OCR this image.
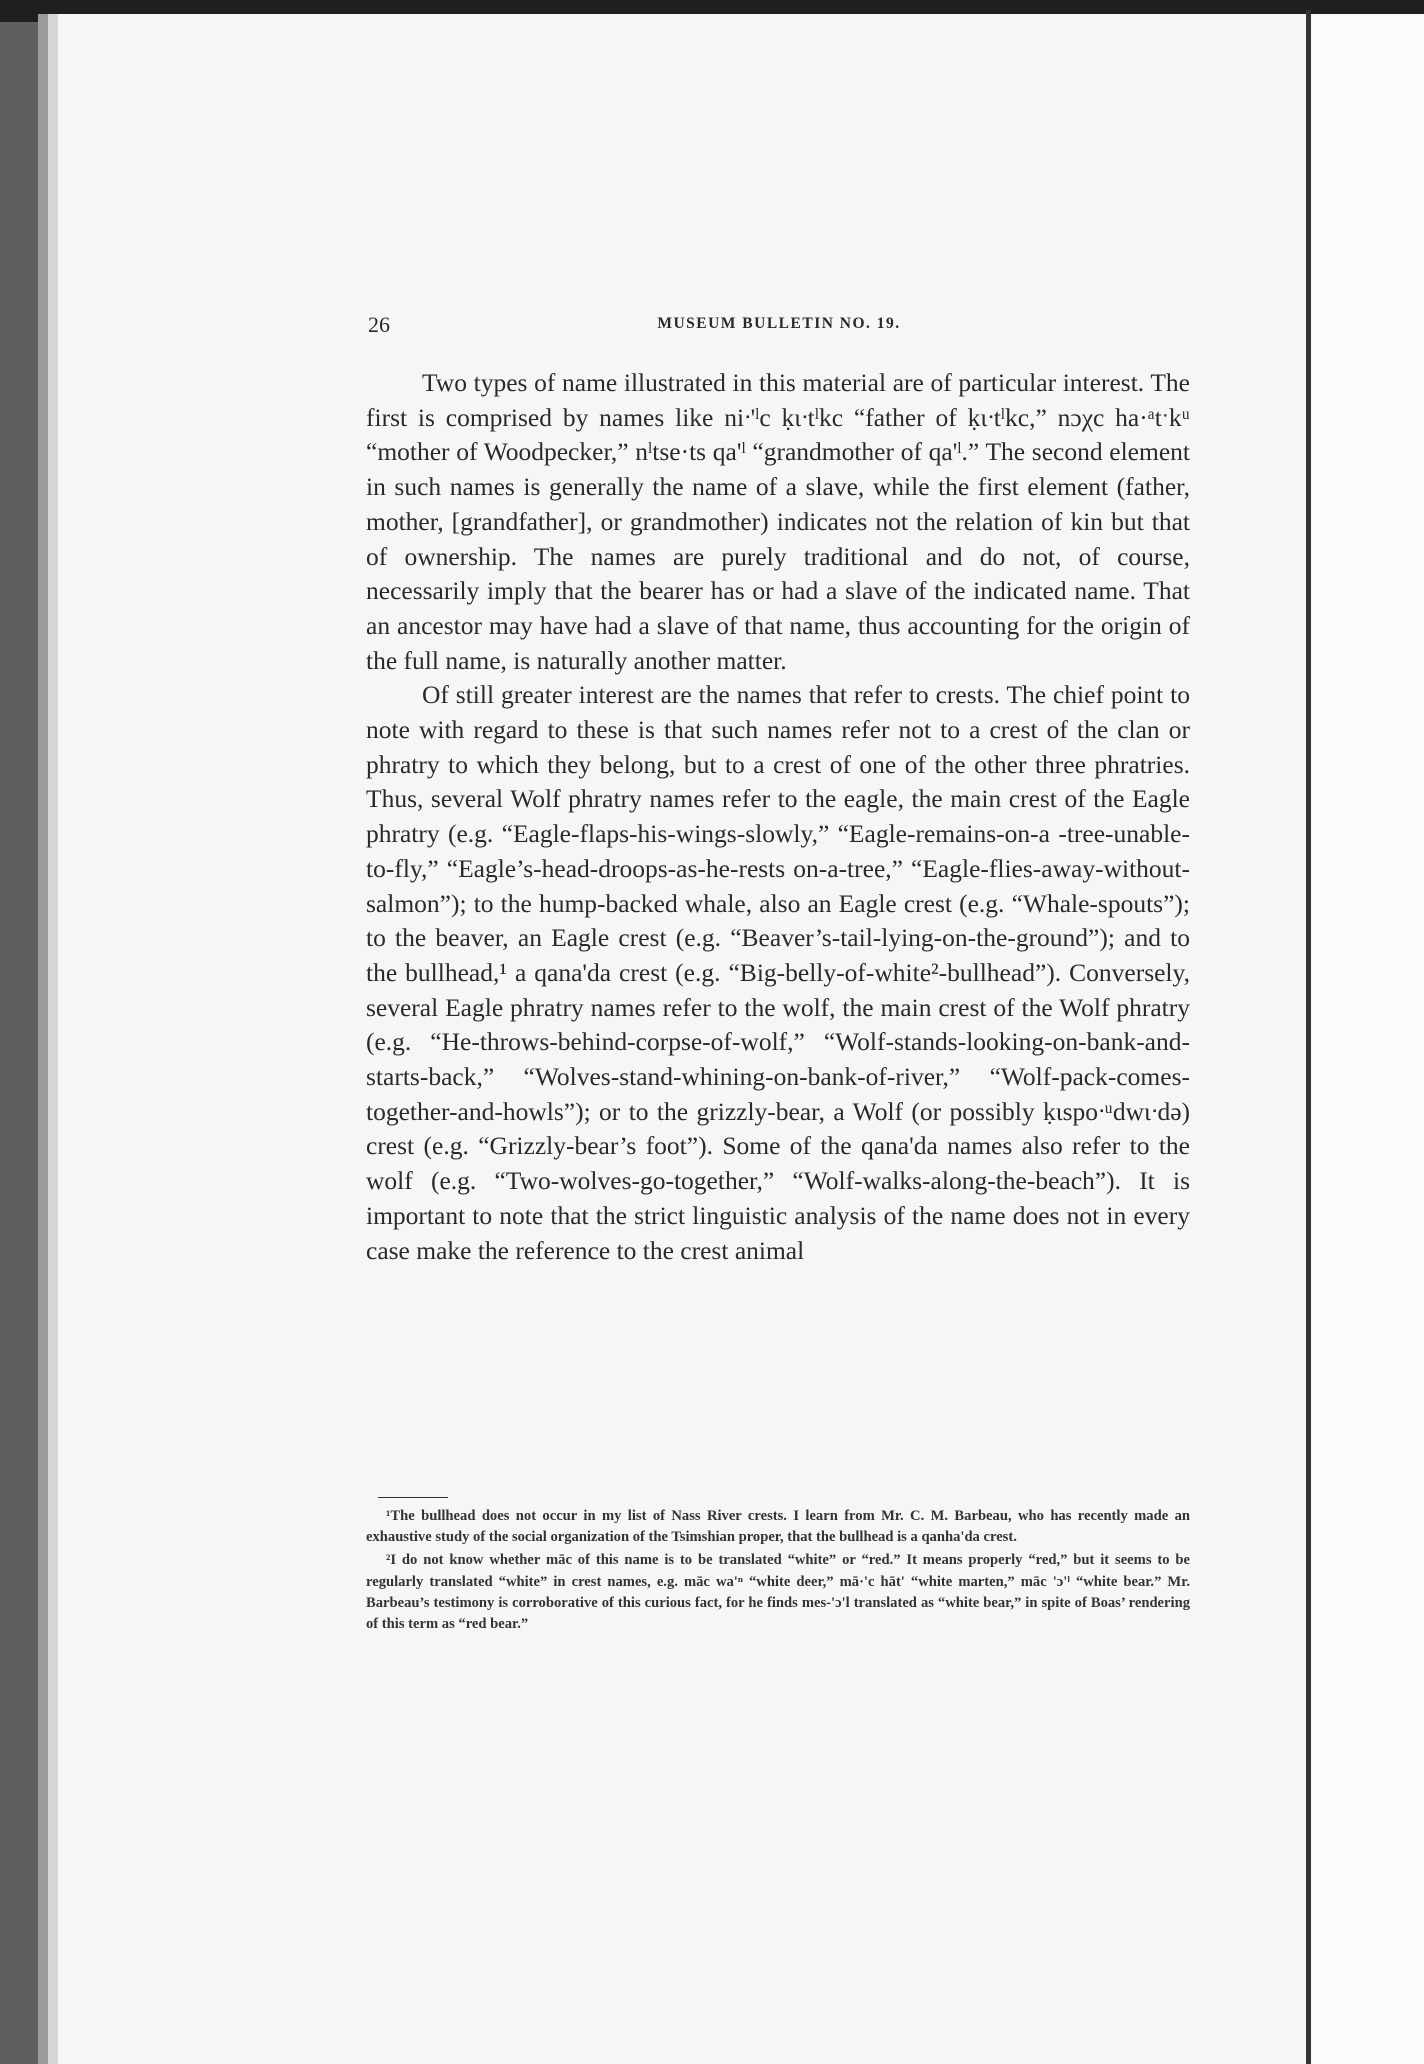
26	MUSEUM BULLETIN NO. 19.

Two types of name illustrated in this material are of particular interest. The first is comprised by names like niᐧ'ˡc ḳɩᐧtˡkc “father of ḳɩᐧtˡkc,” nɔχc ha·ᵃtˑkᵘ “mother of Woodpecker,” nˡtse·ts qa'ˡ “grandmother of qa'ˡ.” The second element in such names is generally the name of a slave, while the first element (father, mother, [grandfather], or grandmother) indicates not the relation of kin but that of ownership. The names are purely traditional and do not, of course, necessarily imply that the bearer has or had a slave of the indicated name. That an ancestor may have had a slave of that name, thus accounting for the origin of the full name, is naturally another matter.

Of still greater interest are the names that refer to crests. The chief point to note with regard to these is that such names refer not to a crest of the clan or phratry to which they belong, but to a crest of one of the other three phratries. Thus, several Wolf phratry names refer to the eagle, the main crest of the Eagle phratry (e.g. “Eagle-flaps-his-wings-slowly,” “Eagle-remains-on-a -tree-unable-to-fly,” “Eagle’s-head-droops-as-he-rests on-a-tree,” “Eagle-flies-away-without-salmon”); to the hump-backed whale, also an Eagle crest (e.g. “Whale-spouts”); to the beaver, an Eagle crest (e.g. “Beaver’s-tail-lying-on-the-ground”); and to the bullhead,¹ a qana'da crest (e.g. “Big-belly-of-white²-bullhead”). Conversely, several Eagle phratry names refer to the wolf, the main crest of the Wolf phratry (e.g. “He-throws-behind-corpse-of-wolf,” “Wolf-stands-looking-on-bank-and-starts-back,” “Wolves-stand-whining-on-bank-of-river,” “Wolf-pack-comes-together-and-howls”); or to the grizzly-bear, a Wolf (or possibly ḳɩspoᐧᵘdwɩᐧdə) crest (e.g. “Grizzly-bear’s foot”). Some of the qana'da names also refer to the wolf (e.g. “Two-wolves-go-together,” “Wolf-walks-along-the-beach”). It is important to note that the strict linguistic analysis of the name does not in every case make the reference to the crest animal

¹The bullhead does not occur in my list of Nass River crests. I learn from Mr. C. M. Barbeau, who has recently made an exhaustive study of the social organization of the Tsimshian proper, that the bullhead is a qanha'da crest.

²I do not know whether māc of this name is to be translated “white” or “red.” It means properly “red,” but it seems to be regularly translated “white” in crest names, e.g. māc wa'ⁿ “white deer,” mā·'c hāt' “white marten,” māc 'ɔ'ˡ “white bear.” Mr. Barbeau’s testimony is corroborative of this curious fact, for he finds mes-'ɔ'l translated as “white bear,” in spite of Boas’ rendering of this term as “red bear.”
